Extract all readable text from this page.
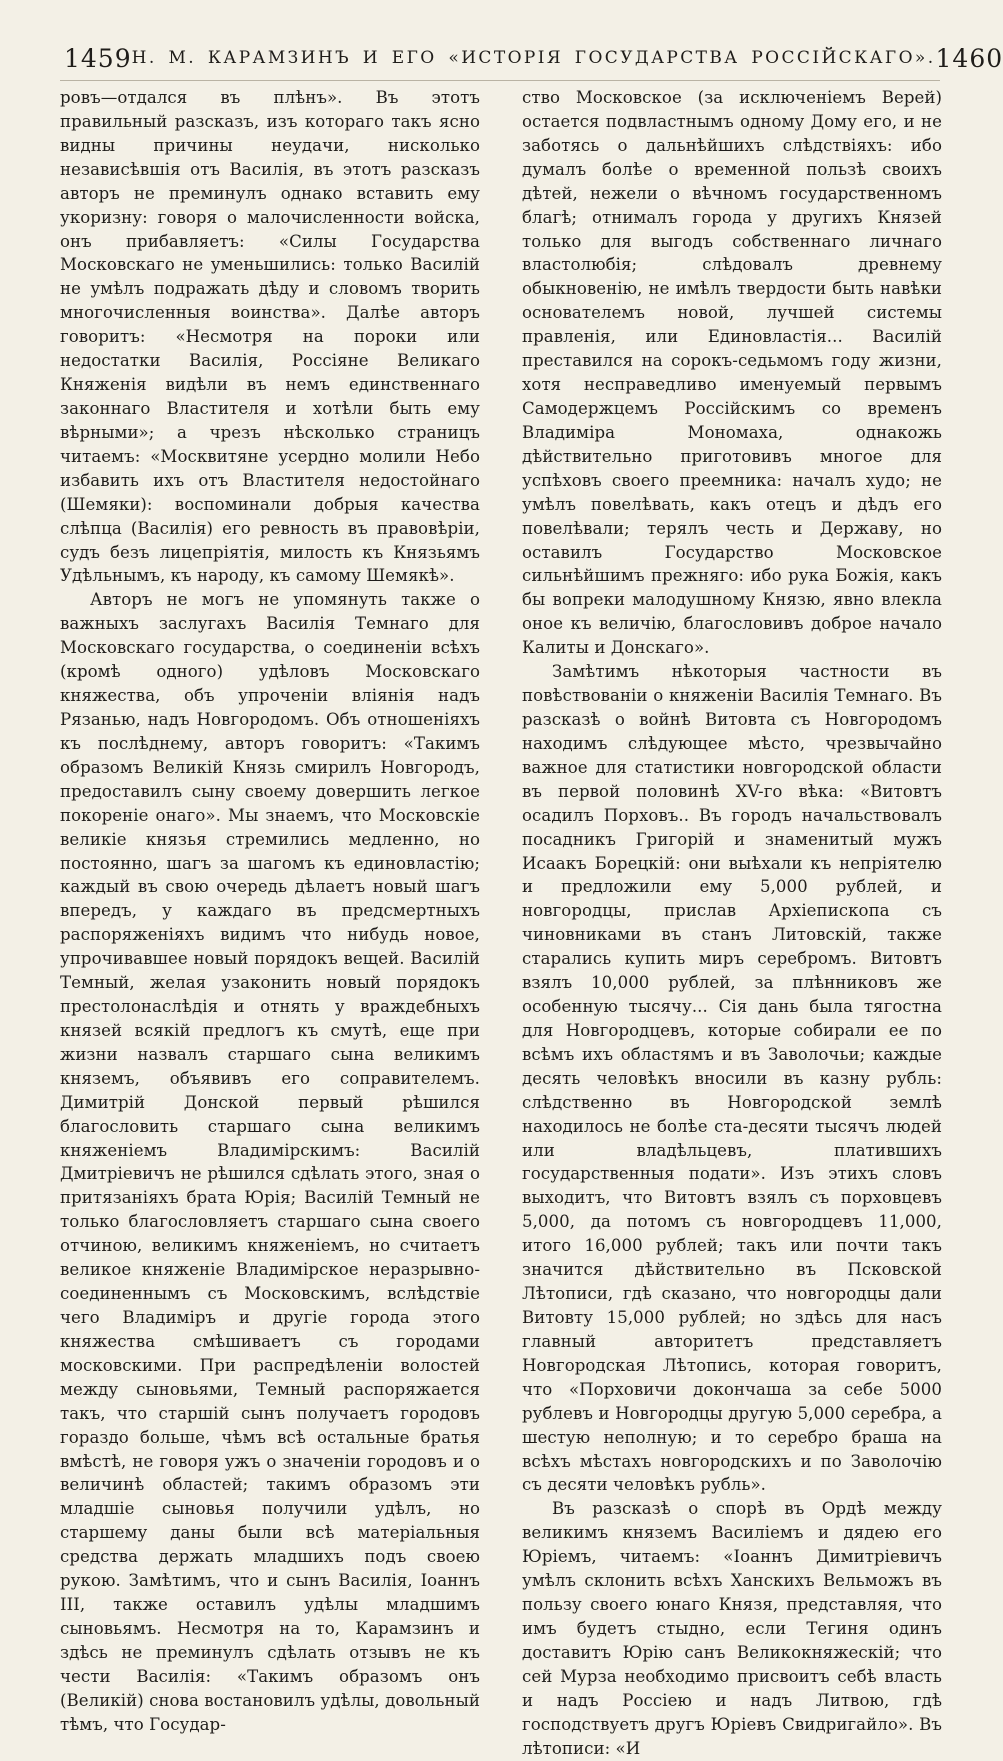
1459 Н. М. КАРАМЗИНЪ И ЕГО «ИСТОРІЯ ГОСУДАРСТВА РОССІЙСКАГО». 1460

ровъ—отдался въ плѣнъ». Въ этотъ правильный разсказъ, изъ котораго такъ ясно видны причины неудачи, нисколько независѣвшія отъ Василія, въ этотъ разсказъ авторъ не преминулъ однако вставить ему укоризну: говоря о малочисленности войска, онъ прибавляетъ: «Силы Государства Московскаго не уменьшились: только Василій не умѣлъ подражать дѣду и словомъ творить многочисленныя воинства». Далѣе авторъ говоритъ: «Несмотря на пороки или недостатки Василія, Россіяне Великаго Княженія видѣли въ немъ единственнаго законнаго Властителя и хотѣли быть ему вѣрными»; а чрезъ нѣсколько страницъ читаемъ: «Москвитяне усердно молили Небо избавить ихъ отъ Властителя недостойнаго (Шемяки): воспоминали добрыя качества слѣпца (Василія) его ревность въ правовѣріи, судъ безъ лицепріятія, милость къ Князьямъ Удѣльнымъ, къ народу, къ самому Шемякѣ».

Авторъ не могъ не упомянуть также о важныхъ заслугахъ Василія Темнаго для Московскаго государства, о соединеніи всѣхъ (кромѣ одного) удѣловъ Московскаго княжества, объ упроченіи вліянія надъ Рязанью, надъ Новгородомъ. Объ отношеніяхъ къ послѣднему, авторъ говоритъ: «Такимъ образомъ Великій Князь смирилъ Новгородъ, предоставилъ сыну своему довершить легкое покореніе онаго». Мы знаемъ, что Московскіе великіе князья стремились медленно, но постоянно, шагъ за шагомъ къ единовластію; каждый въ свою очередь дѣлаетъ новый шагъ впередъ, у каждаго въ предсмертныхъ распоряженіяхъ видимъ что нибудь новое, упрочивавшее новый порядокъ вещей. Василій Темный, желая узаконить новый порядокъ престолонаслѣдія и отнять у враждебныхъ князей всякій предлогъ къ смутѣ, еще при жизни назвалъ старшаго сына великимъ княземъ, объявивъ его соправителемъ. Димитрій Донской первый рѣшился благословить старшаго сына великимъ княженіемъ Владимірскимъ: Василій Дмитріевичъ не рѣшился сдѣлать этого, зная о притязаніяхъ брата Юрія; Василій Темный не только благословляетъ старшаго сына своего отчиною, великимъ княженіемъ, но считаетъ великое княженіе Владимірское неразрывно-соединеннымъ съ Московскимъ, вслѣдствіе чего Владиміръ и другіе города этого княжества смѣшиваетъ съ городами московскими. При распредѣленіи волостей между сыновьями, Темный распоряжается такъ, что старшій сынъ получаетъ городовъ гораздо больше, чѣмъ всѣ остальные братья вмѣстѣ, не говоря ужъ о значеніи городовъ и о величинѣ областей; такимъ образомъ эти младшіе сыновья получили удѣлъ, но старшему даны были всѣ матеріальныя средства держать младшихъ подъ своею рукою. Замѣтимъ, что и сынъ Василія, Іоаннъ III, также оставилъ удѣлы младшимъ сыновьямъ. Несмотря на то, Карамзинъ и здѣсь не преминулъ сдѣлать отзывъ не къ чести Василія: «Такимъ образомъ онъ (Великій) снова востановилъ удѣлы, довольный тѣмъ, что Государ-

ство Московское (за исключеніемъ Верей) остается подвластнымъ одному Дому его, и не заботясь о дальнѣйшихъ слѣдствіяхъ: ибо думалъ болѣе о временной пользѣ своихъ дѣтей, нежели о вѣчномъ государственномъ благѣ; отнималъ города у другихъ Князей только для выгодъ собственнаго личнаго властолюбія; слѣдовалъ древнему обыкновенію, не имѣлъ твердости быть навѣки основателемъ новой, лучшей системы правленія, или Единовластія... Василій преставился на сорокъ-седьмомъ году жизни, хотя несправедливо именуемый первымъ Самодержцемъ Россійскимъ со временъ Владиміра Мономаха, однакожь дѣйствительно приготовивъ многое для успѣховъ своего преемника: началъ худо; не умѣлъ повелѣвать, какъ отецъ и дѣдъ его повелѣвали; терялъ честь и Державу, но оставилъ Государство Московское сильнѣйшимъ прежняго: ибо рука Божія, какъ бы вопреки малодушному Князю, явно влекла оное къ величію, благословивъ доброе начало Калиты и Донскаго».

Замѣтимъ нѣкоторыя частности въ повѣствованіи о княженіи Василія Темнаго. Въ разсказѣ о войнѣ Витовта съ Новгородомъ находимъ слѣдующее мѣсто, чрезвычайно важное для статистики новгородской области въ первой половинѣ XV-го вѣка: «Витовтъ осадилъ Порховъ.. Въ городъ начальствовалъ посадникъ Григорій и знаменитый мужъ Исаакъ Борецкій: они выѣхали къ непріятелю и предложили ему 5,000 рублей, и новгородцы, прислав Архіепископа съ чиновниками въ станъ Литовскій, также старались купить миръ серебромъ. Витовтъ взялъ 10,000 рублей, за плѣнниковъ же особенную тысячу... Сія дань была тягостна для Новгородцевъ, которые собирали ее по всѣмъ ихъ областямъ и въ Заволочьи; каждые десять человѣкъ вносили въ казну рубль: слѣдственно въ Новгородской землѣ находилось не болѣе ста-десяти тысячъ людей или владѣльцевъ, платившихъ государственныя подати». Изъ этихъ словъ выходитъ, что Витовтъ взялъ съ порховцевъ 5,000, да потомъ съ новгородцевъ 11,000, итого 16,000 рублей; такъ или почти такъ значится дѣйствительно въ Псковской Лѣтописи, гдѣ сказано, что новгородцы дали Витовту 15,000 рублей; но здѣсь для насъ главный авторитетъ представляетъ Новгородская Лѣтопись, которая говоритъ, что «Порховичи докончаша за себе 5000 рублевъ и Новгородцы другую 5,000 серебра, а шестую неполную; и то серебро браша на всѣхъ мѣстахъ новгородскихъ и по Заволочію съ десяти человѣкъ рубль».

Въ разсказѣ о спорѣ въ Ордѣ между великимъ княземъ Василіемъ и дядею его Юріемъ, читаемъ: «Іоаннъ Димитріевичъ умѣлъ склонить всѣхъ Ханскихъ Вельможъ въ пользу своего юнаго Князя, представляя, что имъ будетъ стыдно, если Тегиня одинъ доставитъ Юрію санъ Великокняжескій; что сей Мурза необходимо присвоитъ себѣ власть и надъ Россіею и надъ Литвою, гдѣ господствуетъ другъ Юріевъ Свидригайло». Въ лѣтописи: «И
